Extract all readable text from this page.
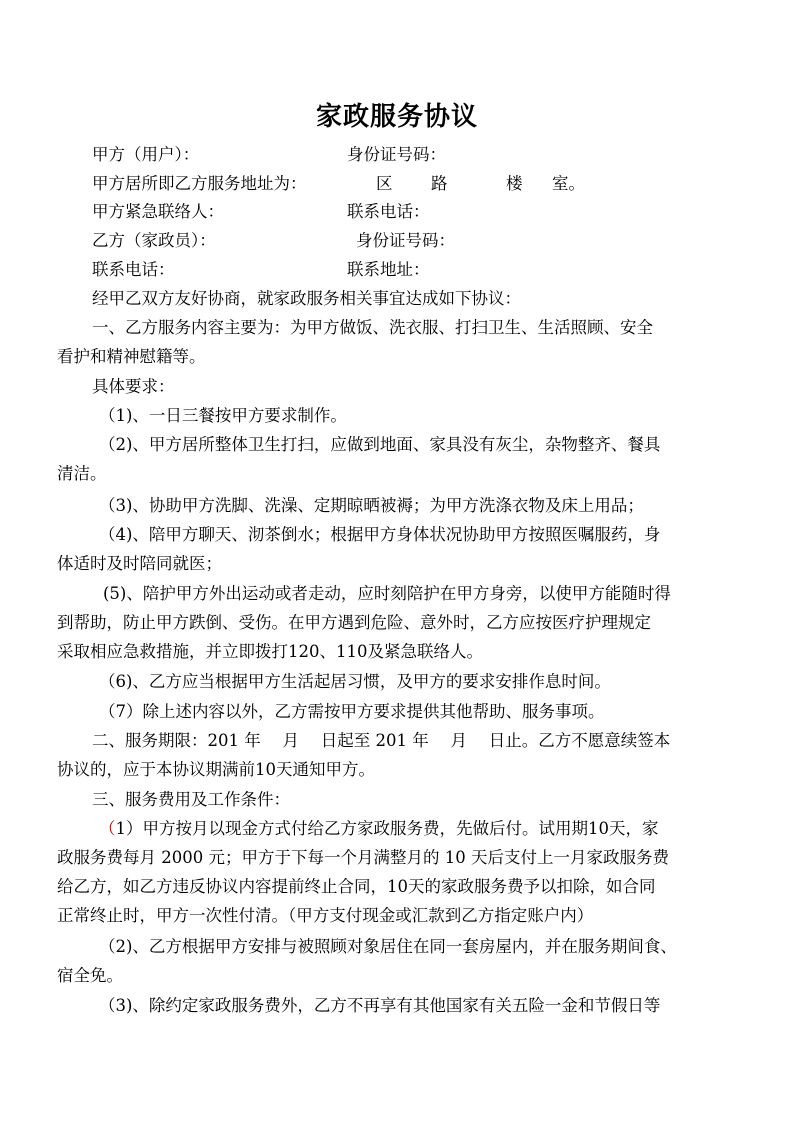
家政服务协议
甲方（用户）：	身份证号码：
甲方居所即乙方服务地址为：	区 路	楼 室。
甲方紧急联络人：	联系电话：
乙方（家政员）：	身份证号码：
联系电话：	联系地址：
经甲乙双方友好协商，就家政服务相关事宜达成如下协议：
一、乙方服务内容主要为：为甲方做饭、洗衣服、打扫卫生、生活照顾、安全
看护和精神慰籍等。
具体要求：
（1)、一日三餐按甲方要求制作。
（2)、甲方居所整体卫生打扫，应做到地面、家具没有灰尘，杂物整齐、餐具
清洁。
（3)、协助甲方洗脚、洗澡、定期晾晒被褥；为甲方洗涤衣物及床上用品；
（4)、陪甲方聊天、沏茶倒水；根据甲方身体状况协助甲方按照医嘱服药，身
体适时及时陪同就医；
(5)、陪护甲方外出运动或者走动，应时刻陪护在甲方身旁，以使甲方能随时得
到帮助，防止甲方跌倒、受伤。在甲方遇到危险、意外时，乙方应按医疗护理规定
采取相应急救措施，并立即拨打120、110及紧急联络人。
（6)、乙方应当根据甲方生活起居习惯，及甲方的要求安排作息时间。
（7）除上述内容以外，乙方需按甲方要求提供其他帮助、服务事项。
二、服务期限：201 年　 月　 日起至 201 年　 月　 日止。乙方不愿意续签本
协议的，应于本协议期满前10天通知甲方。
三、服务费用及工作条件：
（1）甲方按月以现金方式付给乙方家政服务费，先做后付。试用期10天，家
政服务费每月 2000 元；甲方于下每一个月满整月的 10 天后支付上一月家政服务费
给乙方，如乙方违反协议内容提前终止合同，10天的家政服务费予以扣除，如合同
正常终止时，甲方一次性付清。（甲方支付现金或汇款到乙方指定账户内）
（2)、乙方根据甲方安排与被照顾对象居住在同一套房屋内，并在服务期间食、
宿全免。
（3)、除约定家政服务费外，乙方不再享有其他国家有关五险一金和节假日等
